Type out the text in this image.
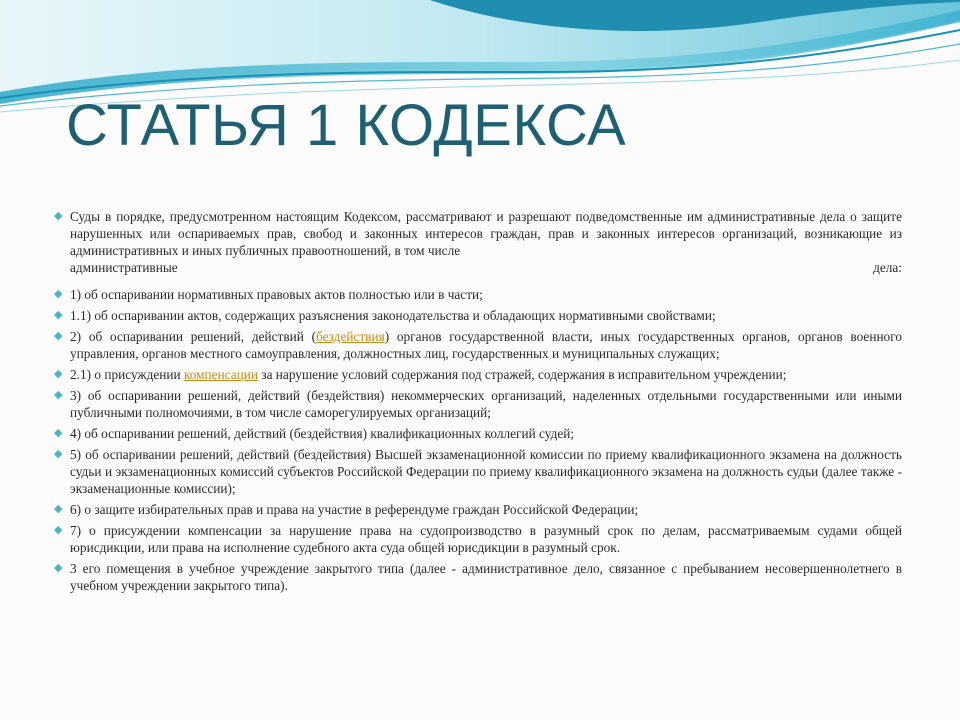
СТАТЬЯ 1 КОДЕКСА
◆ Суды в порядке, предусмотренном настоящим Кодексом, рассматривают и разрешают подведомственные им административные дела о защите нарушенных или оспариваемых прав, свобод и законных интересов граждан, прав и законных интересов организаций, возникающие из административных и иных публичных правоотношений, в том числе
административные	дела:
◆ 1) об оспаривании нормативных правовых актов полностью или в части;
◆ 1.1) об оспаривании актов, содержащих разъяснения законодательства и обладающих нормативными свойствами;
◆ 2) об оспаривании решений, действий (бездействия) органов государственной власти, иных государственных органов, органов военного управления, органов местного самоуправления, должностных лиц, государственных и муниципальных служащих;
◆ 2.1) о присуждении компенсации за нарушение условий содержания под стражей, содержания в исправительном учреждении;
◆ 3) об оспаривании решений, действий (бездействия) некоммерческих организаций, наделенных отдельными государственными или иными публичными полномочиями, в том числе саморегулируемых организаций;
◆ 4) об оспаривании решений, действий (бездействия) квалификационных коллегий судей;
◆ 5) об оспаривании решений, действий (бездействия) Высшей экзаменационной комиссии по приему квалификационного экзамена на должность судьи и экзаменационных комиссий субъектов Российской Федерации по приему квалификационного экзамена на должность судьи (далее также - экзаменационные комиссии);
◆ 6) о защите избирательных прав и права на участие в референдуме граждан Российской Федерации;
◆ 7) о присуждении компенсации за нарушение права на судопроизводство в разумный срок по делам, рассматриваемым судами общей юрисдикции, или права на исполнение судебного акта суда общей юрисдикции в разумный срок.
◆ 3 его помещения в учебное учреждение закрытого типа (далее - административное дело, связанное с пребыванием несовершеннолетнего в учебном учреждении закрытого типа).
